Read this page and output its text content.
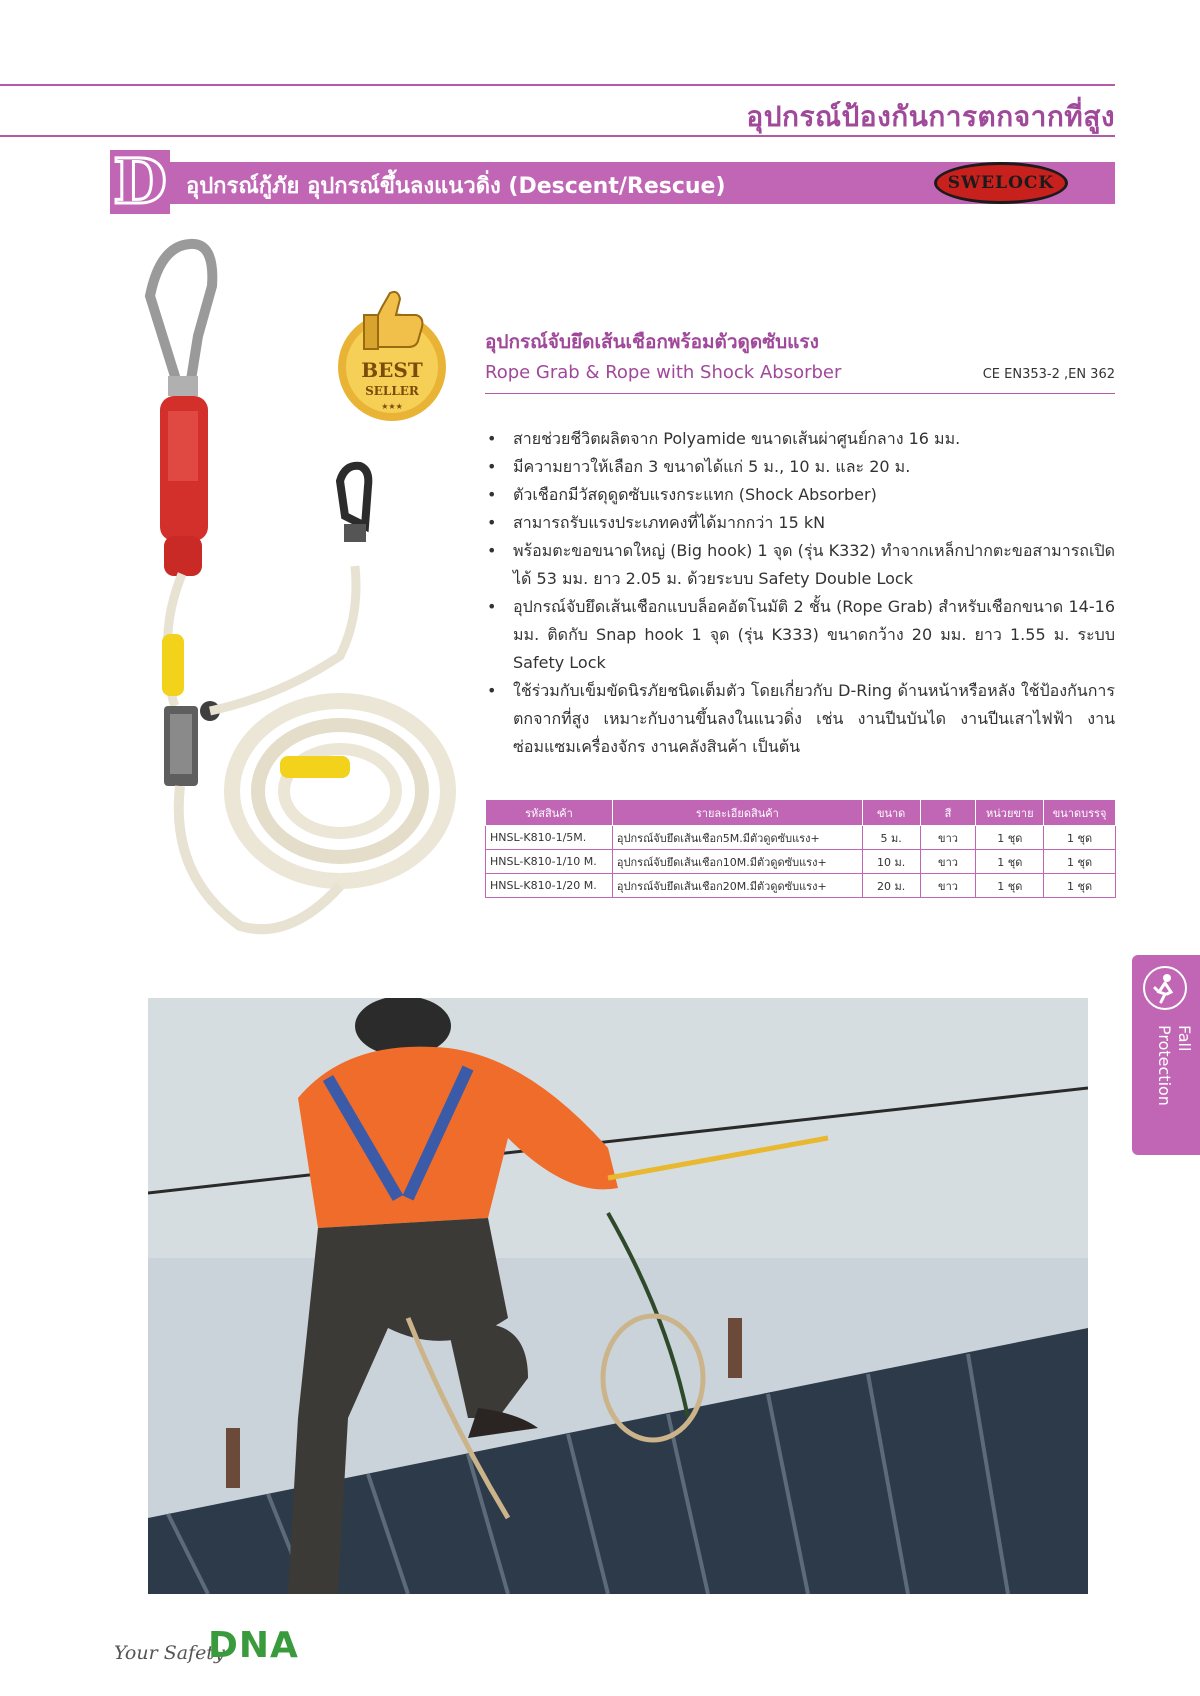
อุปกรณ์ป้องกันการตกจากที่สูง
D อุปกรณ์กู้ภัย อุปกรณ์ขึ้นลงแนวดิ่ง (Descent/Rescue)	SWELOCK
BEST
SELLER
★★★
อุปกรณ์จับยึดเส้นเชือกพร้อมตัวดูดซับแรง
Rope Grab & Rope with Shock Absorber	CE EN353-2 ,EN 362
• สายช่วยชีวิตผลิตจาก Polyamide ขนาดเส้นผ่าศูนย์กลาง 16 มม.
• มีความยาวให้เลือก 3 ขนาดได้แก่ 5 ม., 10 ม. และ 20 ม.
• ตัวเชือกมีวัสดุดูดซับแรงกระแทก (Shock Absorber)
• สามารถรับแรงประเภทคงที่ได้มากกว่า 15 kN
• พร้อมตะขอขนาดใหญ่ (Big hook) 1 จุด (รุ่น K332) ทำจากเหล็กปากตะขอสามารถเปิดได้ 53 มม. ยาว 2.05 ม. ด้วยระบบ Safety Double Lock
• อุปกรณ์จับยึดเส้นเชือกแบบล็อคอัตโนมัติ 2 ชั้น (Rope Grab) สำหรับเชือกขนาด 14-16 มม. ติดกับ Snap hook 1 จุด (รุ่น K333) ขนาดกว้าง 20 มม. ยาว 1.55 ม. ระบบ Safety Lock
• ใช้ร่วมกับเข็มขัดนิรภัยชนิดเต็มตัว โดยเกี่ยวกับ D-Ring ด้านหน้าหรือหลัง ใช้ป้องกันการตกจากที่สูง เหมาะกับงานขึ้นลงในแนวดิ่ง เช่น งานปีนบันได งานปีนเสาไฟฟ้า งานซ่อมแซมเครื่องจักร งานคลังสินค้า เป็นต้น
รหัสสินค้า	รายละเอียดสินค้า	ขนาด	สี	หน่วยขาย	ขนาดบรรจุ
HNSL-K810-1/5M.	อุปกรณ์จับยึดเส้นเชือก5M.มีตัวดูดซับแรง+	5 ม.	ขาว	1 ชุด	1 ชุด
HNSL-K810-1/10 M.	อุปกรณ์จับยึดเส้นเชือก10M.มีตัวดูดซับแรง+	10 ม.	ขาว	1 ชุด	1 ชุด
HNSL-K810-1/20 M.	อุปกรณ์จับยึดเส้นเชือก20M.มีตัวดูดซับแรง+	20 ม.	ขาว	1 ชุด	1 ชุด
Fall
Protection
Your Safety
DNA
